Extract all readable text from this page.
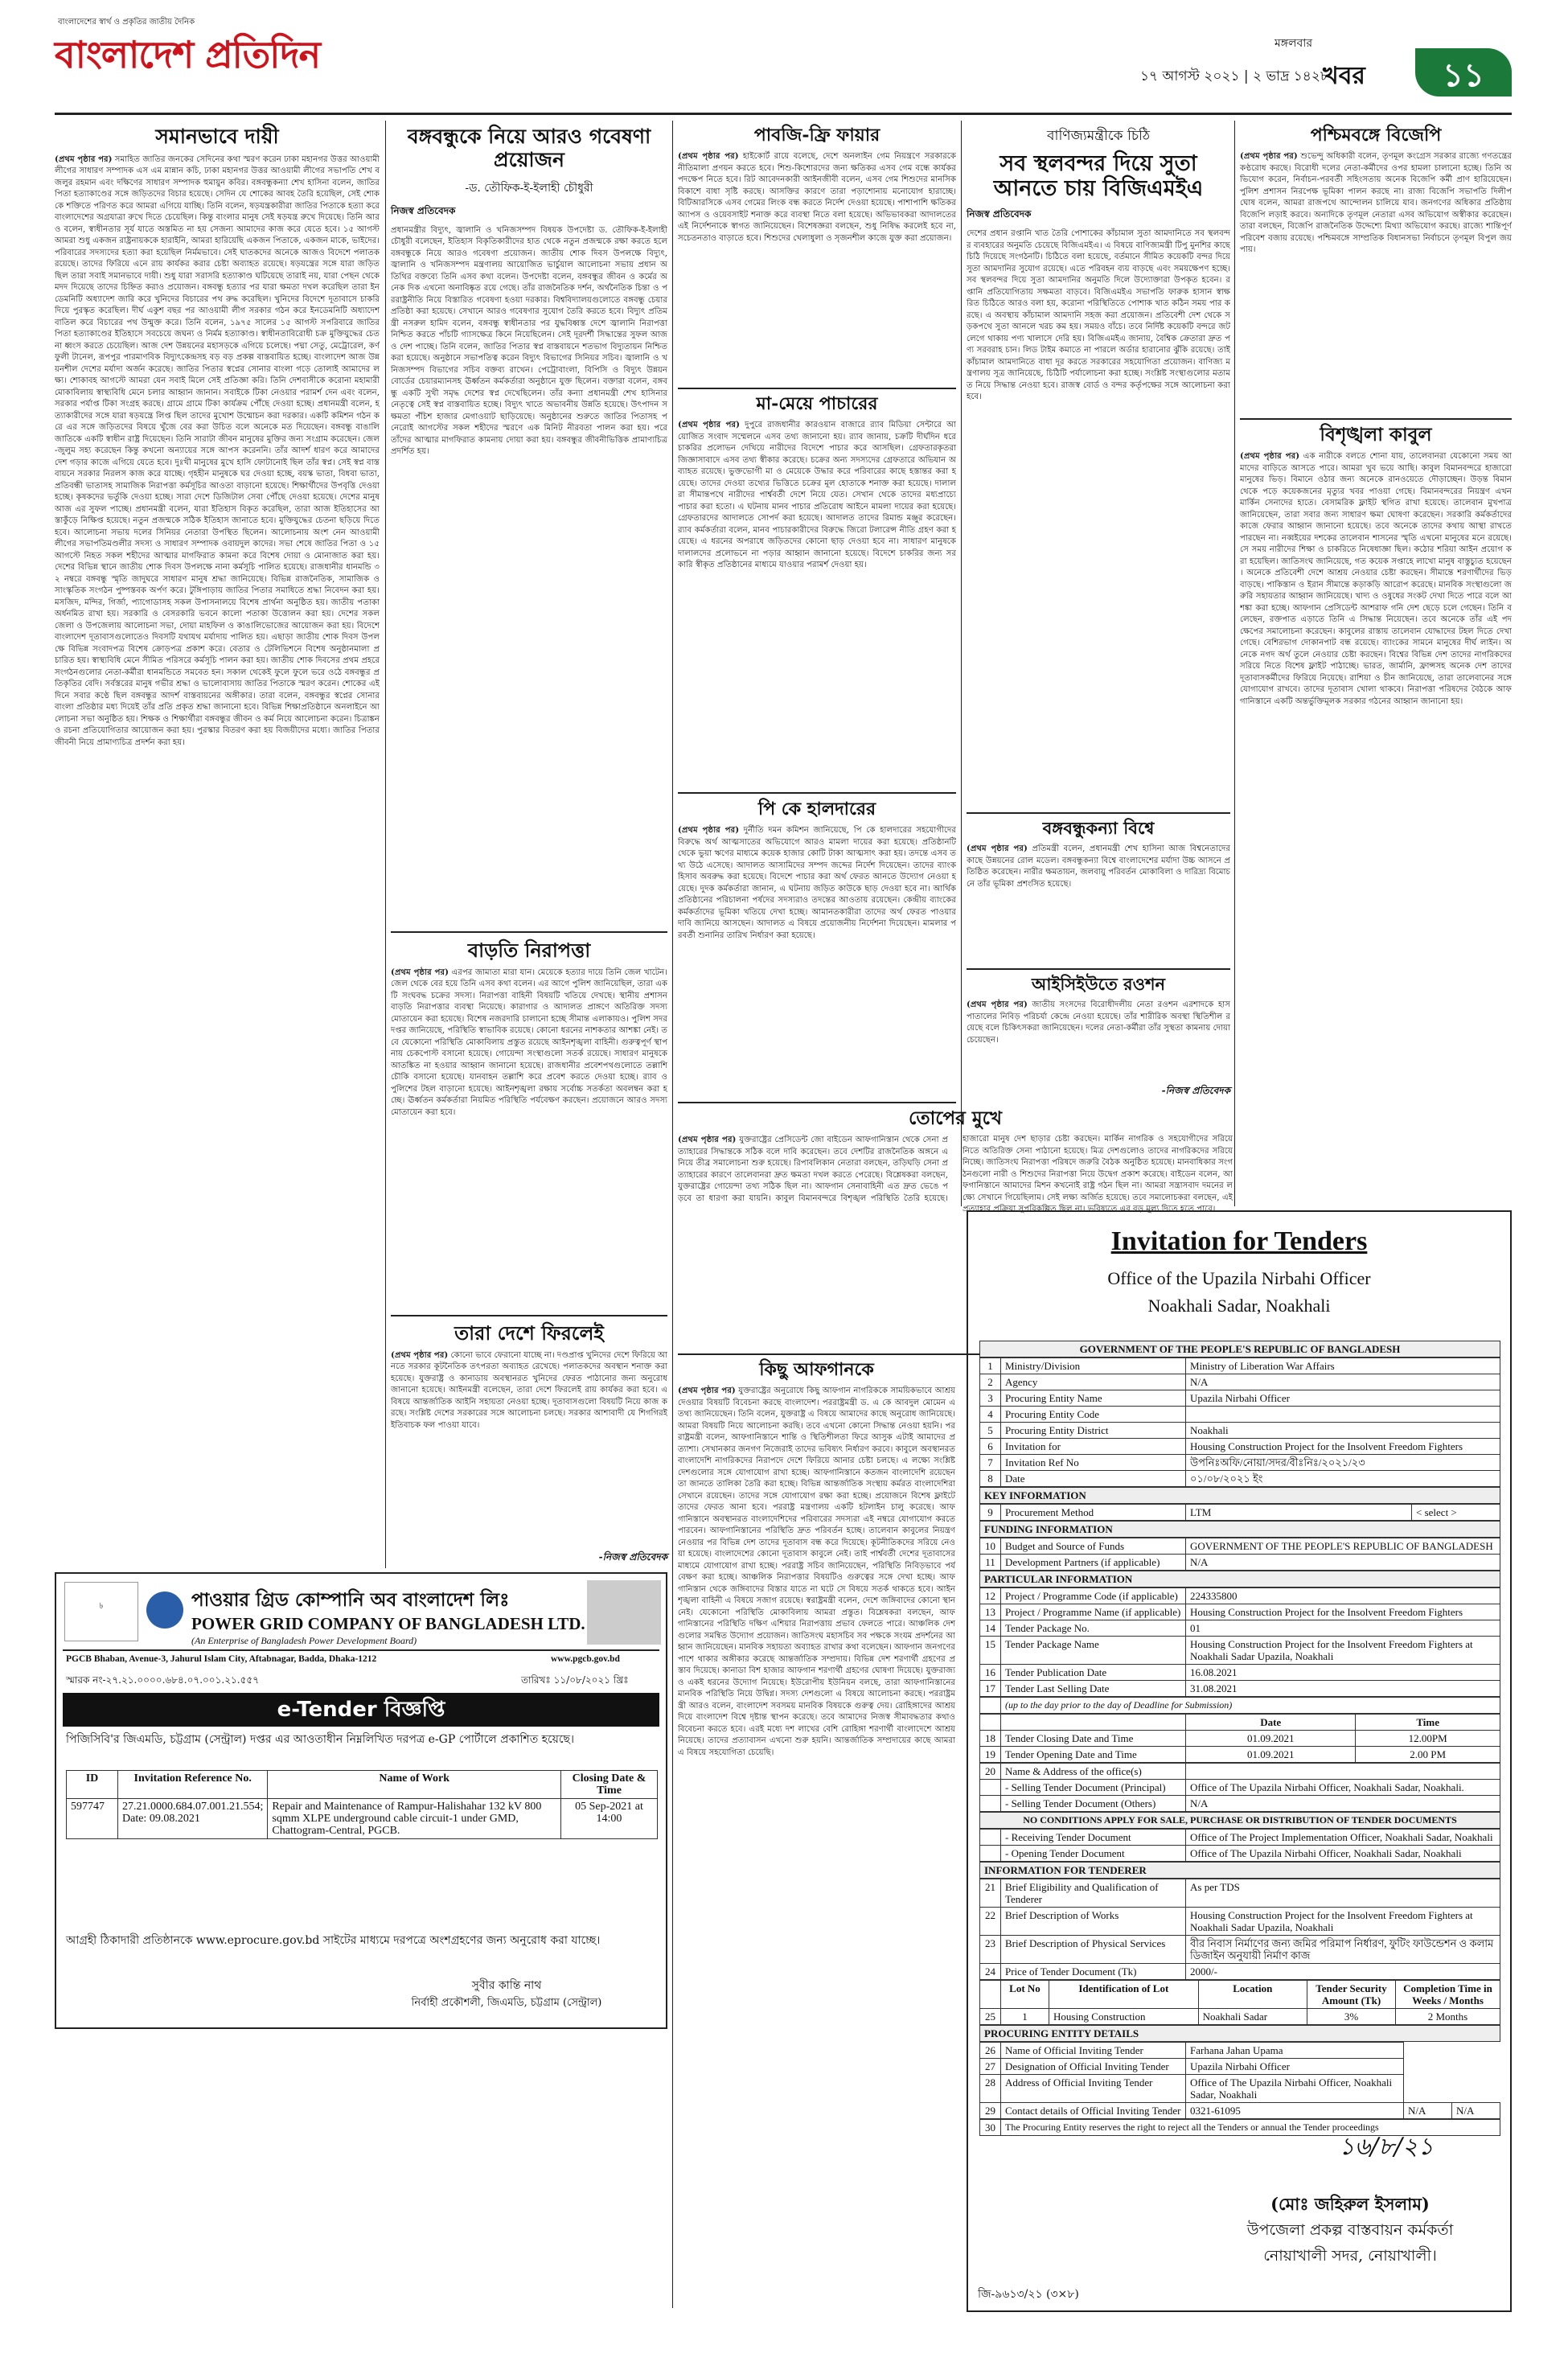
বাংলাদেশের স্বার্থ ও প্রকৃতির জাতীয় দৈনিক
বাংলাদেশ প্রতিদিন	মঙ্গলবার
১৭ আগস্ট ২০২১ | ২ ভাদ্র ১৪২৮
খবর	১১
সমানভাবে দায়ী
(প্রথম পৃষ্ঠার পর) সমাহিত জাতির জনকের সেদিনের কথা স্মরণ করেন ঢাকা মহানগর উত্তর আওয়ামী লীগের সাধারণ সম্পাদক এস এম মান্নান কচি, ঢাকা মহানগর উত্তর আওয়ামী লীগের সভাপতি শেখ বজলুর রহমান এবং দক্ষিণের সাধারণ সম্পাদক হুমায়ুন কবির। বঙ্গবন্ধুকন্যা শেখ হাসিনা বলেন, জাতির পিতা হত্যাকাণ্ডের সঙ্গে জড়িতদের বিচার হয়েছে। সেদিন যে শোকের আবহ তৈরি হয়েছিল, সেই শোককে শক্তিতে পরিণত করে আমরা এগিয়ে যাচ্ছি। তিনি বলেন, ষড়যন্ত্রকারীরা জাতির পিতাকে হত্যা করে বাংলাদেশের অগ্রযাত্রা রুখে দিতে চেয়েছিল। কিন্তু বাংলার মানুষ সেই ষড়যন্ত্র রুখে দিয়েছে। তিনি আরও বলেন, স্বাধীনতার সূর্য যাতে অস্তমিত না হয় সেজন্য আমাদের কাজ করে যেতে হবে। ১৫ আগস্ট আমরা শুধু একজন রাষ্ট্রনায়ককে হারাইনি, আমরা হারিয়েছি একজন পিতাকে, একজন মাকে, ভাইদের। পরিবারের সদস্যদের হত্যা করা হয়েছিল নির্মমভাবে। সেই ঘাতকদের অনেকে আজও বিদেশে পলাতক রয়েছে। তাদের ফিরিয়ে এনে রায় কার্যকর করার চেষ্টা অব্যাহত রয়েছে। ষড়যন্ত্রের সঙ্গে যারা জড়িত ছিল তারা সবাই সমানভাবে দায়ী। শুধু যারা সরাসরি হত্যাকাণ্ড ঘটিয়েছে তারাই নয়, যারা পেছন থেকে মদদ দিয়েছে তাদের চিহ্নিত করাও প্রয়োজন। বঙ্গবন্ধু হত্যার পর যারা ক্ষমতা দখল করেছিল তারা ইনডেমনিটি অধ্যাদেশ জারি করে খুনিদের বিচারের পথ রুদ্ধ করেছিল। খুনিদের বিদেশে দূতাবাসে চাকরি দিয়ে পুরস্কৃত করেছিল। দীর্ঘ একুশ বছর পর আওয়ামী লীগ সরকার গঠন করে ইনডেমনিটি অধ্যাদেশ বাতিল করে বিচারের পথ উন্মুক্ত করে। তিনি বলেন, ১৯৭৫ সালের ১৫ আগস্ট সপরিবারে জাতির পিতা হত্যাকাণ্ডের ইতিহাসে সবচেয়ে জঘন্য ও নির্মম হত্যাকাণ্ড। স্বাধীনতাবিরোধী চক্র মুক্তিযুদ্ধের চেতনা ধ্বংস করতে চেয়েছিল। আজ দেশ উন্নয়নের মহাসড়কে এগিয়ে চলেছে। পদ্মা সেতু, মেট্রোরেল, কর্ণফুলী টানেল, রূপপুর পারমাণবিক বিদ্যুৎকেন্দ্রসহ বড় বড় প্রকল্প বাস্তবায়িত হচ্ছে। বাংলাদেশ আজ উন্নয়নশীল দেশের মর্যাদা অর্জন করেছে। জাতির পিতার স্বপ্নের সোনার বাংলা গড়ে তোলাই আমাদের লক্ষ্য। শোকাবহ আগস্টে আমরা যেন সবাই মিলে সেই প্রতিজ্ঞা করি। তিনি দেশবাসীকে করোনা মহামারী মোকাবিলায় স্বাস্থ্যবিধি মেনে চলার আহ্বান জানান। সবাইকে টিকা নেওয়ার পরামর্শ দেন এবং বলেন, সরকার পর্যাপ্ত টিকা সংগ্রহ করছে। গ্রামে গ্রামে টিকা কার্যক্রম পৌঁছে দেওয়া হচ্ছে। প্রধানমন্ত্রী বলেন, হত্যাকারীদের সঙ্গে যারা ষড়যন্ত্রে লিপ্ত ছিল তাদের মুখোশ উন্মোচন করা দরকার। একটি কমিশন গঠন করে এর সঙ্গে জড়িতদের বিষয়ে খুঁজে বের করা উচিত বলে অনেকে মত দিয়েছেন। বঙ্গবন্ধু বাঙালি জাতিকে একটি স্বাধীন রাষ্ট্র দিয়েছেন। তিনি সারাটা জীবন মানুষের মুক্তির জন্য সংগ্রাম করেছেন। জেল-জুলুম সহ্য করেছেন কিন্তু কখনো অন্যায়ের সঙ্গে আপস করেননি। তাঁর আদর্শ ধারণ করে আমাদের দেশ গড়ার কাজে এগিয়ে যেতে হবে। দুঃখী মানুষের মুখে হাসি ফোটানোই ছিল তাঁর স্বপ্ন। সেই স্বপ্ন বাস্তবায়নে সরকার নিরলস কাজ করে যাচ্ছে। গৃহহীন মানুষকে ঘর দেওয়া হচ্ছে, বয়স্ক ভাতা, বিধবা ভাতা, প্রতিবন্ধী ভাতাসহ সামাজিক নিরাপত্তা কর্মসূচির আওতা বাড়ানো হয়েছে। শিক্ষার্থীদের উপবৃত্তি দেওয়া হচ্ছে। কৃষকদের ভর্তুকি দেওয়া হচ্ছে। সারা দেশে ডিজিটাল সেবা পৌঁছে দেওয়া হয়েছে। দেশের মানুষ আজ এর সুফল পাচ্ছে। প্রধানমন্ত্রী বলেন, যারা ইতিহাস বিকৃত করেছিল, তারা আজ ইতিহাসের আস্তাকুঁড়ে নিক্ষিপ্ত হয়েছে। নতুন প্রজন্মকে সঠিক ইতিহাস জানাতে হবে। মুক্তিযুদ্ধের চেতনা ছড়িয়ে দিতে হবে। আলোচনা সভায় দলের সিনিয়র নেতারা উপস্থিত ছিলেন। আলোচনায় অংশ নেন আওয়ামী লীগের সভাপতিমণ্ডলীর সদস্য ও সাধারণ সম্পাদক ওবায়দুল কাদের। সভা শেষে জাতির পিতা ও ১৫ আগস্টে নিহত সকল শহীদের আত্মার মাগফিরাত কামনা করে বিশেষ দোয়া ও মোনাজাত করা হয়। দেশের বিভিন্ন স্থানে জাতীয় শোক দিবস উপলক্ষে নানা কর্মসূচি পালিত হয়েছে। রাজধানীর ধানমন্ডি ৩২ নম্বরে বঙ্গবন্ধু স্মৃতি জাদুঘরে সাধারণ মানুষ শ্রদ্ধা জানিয়েছে। বিভিন্ন রাজনৈতিক, সামাজিক ও সাংস্কৃতিক সংগঠন পুষ্পস্তবক অর্পণ করে। টুঙ্গিপাড়ায় জাতির পিতার সমাধিতে শ্রদ্ধা নিবেদন করা হয়। মসজিদ, মন্দির, গির্জা, প্যাগোডাসহ সকল উপাসনালয়ে বিশেষ প্রার্থনা অনুষ্ঠিত হয়। জাতীয় পতাকা অর্ধনমিত রাখা হয়। সরকারি ও বেসরকারি ভবনে কালো পতাকা উত্তোলন করা হয়। দেশের সকল জেলা ও উপজেলায় আলোচনা সভা, দোয়া মাহফিল ও কাঙালিভোজের আয়োজন করা হয়। বিদেশে বাংলাদেশ দূতাবাসগুলোতেও দিবসটি যথাযথ মর্যাদায় পালিত হয়। এছাড়া জাতীয় শোক দিবস উপলক্ষে বিভিন্ন সংবাদপত্র বিশেষ ক্রোড়পত্র প্রকাশ করে। বেতার ও টেলিভিশনে বিশেষ অনুষ্ঠানমালা প্রচারিত হয়। স্বাস্থ্যবিধি মেনে সীমিত পরিসরে কর্মসূচি পালন করা হয়। জাতীয় শোক দিবসের প্রথম প্রহরে সংগঠনগুলোর নেতা-কর্মীরা ধানমন্ডিতে সমবেত হন। সকাল থেকেই ফুলে ফুলে ভরে ওঠে বঙ্গবন্ধুর প্রতিকৃতির বেদি। সর্বস্তরের মানুষ গভীর শ্রদ্ধা ও ভালোবাসায় জাতির পিতাকে স্মরণ করেন। শোকের এই দিনে সবার কণ্ঠে ছিল বঙ্গবন্ধুর আদর্শ বাস্তবায়নের অঙ্গীকার। তারা বলেন, বঙ্গবন্ধুর স্বপ্নের সোনার বাংলা প্রতিষ্ঠার মধ্য দিয়েই তাঁর প্রতি প্রকৃত শ্রদ্ধা জানানো হবে। বিভিন্ন শিক্ষাপ্রতিষ্ঠানে অনলাইনে আলোচনা সভা অনুষ্ঠিত হয়। শিক্ষক ও শিক্ষার্থীরা বঙ্গবন্ধুর জীবন ও কর্ম নিয়ে আলোচনা করেন। চিত্রাঙ্কন ও রচনা প্রতিযোগিতার আয়োজন করা হয়। পুরস্কার বিতরণ করা হয় বিজয়ীদের মধ্যে। জাতির পিতার জীবনী নিয়ে প্রামাণ্যচিত্র প্রদর্শন করা হয়।
৳	পাওয়ার গ্রিড কোম্পানি অব বাংলাদেশ লিঃ
POWER GRID COMPANY OF BANGLADESH LTD.
(An Enterprise of Bangladesh Power Development Board)
PGCB Bhaban, Avenue-3, Jahurul Islam City, Aftabnagar, Badda, Dhaka-1212	www.pgcb.gov.bd
স্মারক নং-২৭.২১.০০০০.৬৮৪.০৭.০০১.২১.৫৫৭	তারিখঃ ১১/০৮/২০২১ খ্রিঃ
e-Tender বিজ্ঞপ্তি
পিজিসিবি'র জিএমডি, চট্টগ্রাম (সেন্ট্রাল) দপ্তর এর আওতাধীন নিম্নলিখিত দরপত্র e-GP পোর্টালে প্রকাশিত হয়েছে।
ID	Invitation Reference No.	Name of Work	Closing Date & Time
597747	27.21.0000.684.07.001.21.554; Date: 09.08.2021	Repair and Maintenance of Rampur-Halishahar 132 kV 800 sqmm XLPE underground cable circuit-1 under GMD, Chattogram-Central, PGCB.	05 Sep-2021 at 14:00
আগ্রহী ঠিকাদারী প্রতিষ্ঠানকে www.eprocure.gov.bd সাইটের মাধ্যমে দরপত্রে অংশগ্রহণের জন্য অনুরোধ করা যাচ্ছে।
সুবীর কান্তি নাথ
নির্বাহী প্রকৌশলী, জিএমডি, চট্টগ্রাম (সেন্ট্রাল)
বঙ্গবন্ধুকে নিয়ে আরও গবেষণা প্রয়োজন
-ড. তৌফিক-ই-ইলাহী চৌধুরী
নিজস্ব প্রতিবেদক
প্রধানমন্ত্রীর বিদ্যুৎ, জ্বালানি ও খনিজসম্পদ বিষয়ক উপদেষ্টা ড. তৌফিক-ই-ইলাহী চৌধুরী বলেছেন, ইতিহাস বিকৃতিকারীদের হাত থেকে নতুন প্রজন্মকে রক্ষা করতে হলে বঙ্গবন্ধুকে নিয়ে আরও গবেষণা প্রয়োজন। জাতীয় শোক দিবস উপলক্ষে বিদ্যুৎ, জ্বালানি ও খনিজসম্পদ মন্ত্রণালয় আয়োজিত ভার্চুয়াল আলোচনা সভায় প্রধান অতিথির বক্তব্যে তিনি এসব কথা বলেন। উপদেষ্টা বলেন, বঙ্গবন্ধুর জীবন ও কর্মের অনেক দিক এখনো অনাবিষ্কৃত রয়ে গেছে। তাঁর রাজনৈতিক দর্শন, অর্থনৈতিক চিন্তা ও পররাষ্ট্রনীতি নিয়ে বিস্তারিত গবেষণা হওয়া দরকার। বিশ্ববিদ্যালয়গুলোতে বঙ্গবন্ধু চেয়ার প্রতিষ্ঠা করা হয়েছে। সেখানে আরও গবেষণার সুযোগ তৈরি করতে হবে। বিদ্যুৎ প্রতিমন্ত্রী নসরুল হামিদ বলেন, বঙ্গবন্ধু স্বাধীনতার পর যুদ্ধবিধ্বস্ত দেশে জ্বালানি নিরাপত্তা নিশ্চিত করতে পাঁচটি গ্যাসক্ষেত্র কিনে নিয়েছিলেন। সেই দূরদর্শী সিদ্ধান্তের সুফল আজও দেশ পাচ্ছে। তিনি বলেন, জাতির পিতার স্বপ্ন বাস্তবায়নে শতভাগ বিদ্যুতায়ন নিশ্চিত করা হয়েছে। অনুষ্ঠানে সভাপতিত্ব করেন বিদ্যুৎ বিভাগের সিনিয়র সচিব। জ্বালানি ও খনিজসম্পদ বিভাগের সচিব বক্তব্য রাখেন। পেট্রোবাংলা, বিপিসি ও বিদ্যুৎ উন্নয়ন বোর্ডের চেয়ারম্যানসহ ঊর্ধ্বতন কর্মকর্তারা অনুষ্ঠানে যুক্ত ছিলেন। বক্তারা বলেন, বঙ্গবন্ধু একটি সুখী সমৃদ্ধ দেশের স্বপ্ন দেখেছিলেন। তাঁর কন্যা প্রধানমন্ত্রী শেখ হাসিনার নেতৃত্বে সেই স্বপ্ন বাস্তবায়িত হচ্ছে। বিদ্যুৎ খাতে অভাবনীয় উন্নতি হয়েছে। উৎপাদন সক্ষমতা পঁচিশ হাজার মেগাওয়াট ছাড়িয়েছে। অনুষ্ঠানের শুরুতে জাতির পিতাসহ পনেরোই আগস্টের সকল শহীদের স্মরণে এক মিনিট নীরবতা পালন করা হয়। পরে তাঁদের আত্মার মাগফিরাত কামনায় দোয়া করা হয়। বঙ্গবন্ধুর জীবনীভিত্তিক প্রামাণ্যচিত্র প্রদর্শিত হয়।
বাড়তি নিরাপত্তা
(প্রথম পৃষ্ঠার পর) এরপর জামাতা মারা যান। মেয়েকে হত্যার দায়ে তিনি জেল খাটেন। জেল থেকে বের হয়ে তিনি এসব কথা বলেন। এর আগে পুলিশ জানিয়েছিল, তারা একটি সংঘবদ্ধ চক্রের সদস্য। নিরাপত্তা বাহিনী বিষয়টি খতিয়ে দেখছে। স্থানীয় প্রশাসন বাড়তি নিরাপত্তার ব্যবস্থা নিয়েছে। কারাগার ও আদালত প্রাঙ্গণে অতিরিক্ত সদস্য মোতায়েন করা হয়েছে। বিশেষ নজরদারি চালানো হচ্ছে সীমান্ত এলাকায়ও। পুলিশ সদর দপ্তর জানিয়েছে, পরিস্থিতি স্বাভাবিক রয়েছে। কোনো ধরনের নাশকতার আশঙ্কা নেই। তবে যেকোনো পরিস্থিতি মোকাবিলায় প্রস্তুত রয়েছে আইনশৃঙ্খলা বাহিনী। গুরুত্বপূর্ণ স্থাপনায় চেকপোস্ট বসানো হয়েছে। গোয়েন্দা সংস্থাগুলো সতর্ক রয়েছে। সাধারণ মানুষকে আতঙ্কিত না হওয়ার আহ্বান জানানো হয়েছে। রাজধানীর প্রবেশপথগুলোতে তল্লাশি চৌকি বসানো হয়েছে। যানবাহন তল্লাশি করে প্রবেশ করতে দেওয়া হচ্ছে। র‌্যাব ও পুলিশের টহল বাড়ানো হয়েছে। আইনশৃঙ্খলা রক্ষায় সর্বোচ্চ সতর্কতা অবলম্বন করা হচ্ছে। ঊর্ধ্বতন কর্মকর্তারা নিয়মিত পরিস্থিতি পর্যবেক্ষণ করছেন। প্রয়োজনে আরও সদস্য মোতায়েন করা হবে।
তারা দেশে ফিরলেই
(প্রথম পৃষ্ঠার পর) কোনো ভাবে ফেরানো যাচ্ছে না। দণ্ডপ্রাপ্ত খুনিদের দেশে ফিরিয়ে আনতে সরকার কূটনৈতিক তৎপরতা অব্যাহত রেখেছে। পলাতকদের অবস্থান শনাক্ত করা হয়েছে। যুক্তরাষ্ট্র ও কানাডায় অবস্থানরত খুনিদের ফেরত পাঠানোর জন্য অনুরোধ জানানো হয়েছে। আইনমন্ত্রী বলেছেন, তারা দেশে ফিরলেই রায় কার্যকর করা হবে। এ বিষয়ে আন্তর্জাতিক আইনি সহায়তা নেওয়া হচ্ছে। দূতাবাসগুলো বিষয়টি নিয়ে কাজ করছে। সংশ্লিষ্ট দেশের সরকারের সঙ্গে আলোচনা চলছে। সরকার আশাবাদী যে শিগগিরই ইতিবাচক ফল পাওয়া যাবে।
-নিজস্ব প্রতিবেদক
পাবজি-ফ্রি ফায়ার
(প্রথম পৃষ্ঠার পর) হাইকোর্ট রায়ে বলেছে, দেশে অনলাইন গেম নিয়ন্ত্রণে সরকারকে নীতিমালা প্রণয়ন করতে হবে। শিশু-কিশোরদের জন্য ক্ষতিকর এসব গেম বন্ধে কার্যকর পদক্ষেপ নিতে হবে। রিট আবেদনকারী আইনজীবী বলেন, এসব গেম শিশুদের মানসিক বিকাশে বাধা সৃষ্টি করছে। আসক্তির কারণে তারা পড়াশোনায় মনোযোগ হারাচ্ছে। বিটিআরসিকে এসব গেমের লিংক বন্ধ করতে নির্দেশ দেওয়া হয়েছে। পাশাপাশি ক্ষতিকর অ্যাপস ও ওয়েবসাইট শনাক্ত করে ব্যবস্থা নিতে বলা হয়েছে। অভিভাবকরা আদালতের এই নির্দেশনাকে স্বাগত জানিয়েছেন। বিশেষজ্ঞরা বলছেন, শুধু নিষিদ্ধ করলেই হবে না, সচেতনতাও বাড়াতে হবে। শিশুদের খেলাধুলা ও সৃজনশীল কাজে যুক্ত করা প্রয়োজন।
মা-মেয়ে পাচারের
(প্রথম পৃষ্ঠার পর) দুপুরে রাজধানীর কারওয়ান বাজারে র‌্যাব মিডিয়া সেন্টারে আয়োজিত সংবাদ সম্মেলনে এসব তথ্য জানানো হয়। র‌্যাব জানায়, চক্রটি দীর্ঘদিন ধরে চাকরির প্রলোভন দেখিয়ে নারীদের বিদেশে পাচার করে আসছিল। গ্রেফতারকৃতরা জিজ্ঞাসাবাদে এসব তথ্য স্বীকার করেছে। চক্রের অন্য সদস্যদের গ্রেফতারে অভিযান অব্যাহত রয়েছে। ভুক্তভোগী মা ও মেয়েকে উদ্ধার করে পরিবারের কাছে হস্তান্তর করা হয়েছে। তাদের দেওয়া তথ্যের ভিত্তিতে চক্রের মূল হোতাকে শনাক্ত করা হয়েছে। দালালরা সীমান্তপথে নারীদের পার্শ্ববর্তী দেশে নিয়ে যেত। সেখান থেকে তাদের মধ্যপ্রাচ্যে পাচার করা হতো। এ ঘটনায় মানব পাচার প্রতিরোধ আইনে মামলা দায়ের করা হয়েছে। গ্রেফতারদের আদালতে সোপর্দ করা হয়েছে। আদালত তাদের রিমান্ড মঞ্জুর করেছেন। র‌্যাব কর্মকর্তারা বলেন, মানব পাচারকারীদের বিরুদ্ধে জিরো টলারেন্স নীতি গ্রহণ করা হয়েছে। এ ধরনের অপরাধে জড়িতদের কোনো ছাড় দেওয়া হবে না। সাধারণ মানুষকে দালালদের প্রলোভনে না পড়ার আহ্বান জানানো হয়েছে। বিদেশে চাকরির জন্য সরকারি স্বীকৃত প্রতিষ্ঠানের মাধ্যমে যাওয়ার পরামর্শ দেওয়া হয়।
পি কে হালদারের
(প্রথম পৃষ্ঠার পর) দুর্নীতি দমন কমিশন জানিয়েছে, পি কে হালদারের সহযোগীদের বিরুদ্ধে অর্থ আত্মসাতের অভিযোগে আরও মামলা দায়ের করা হয়েছে। প্রতিষ্ঠানটি থেকে ভুয়া ঋণের মাধ্যমে কয়েক হাজার কোটি টাকা আত্মসাৎ করা হয়। তদন্তে এসব তথ্য উঠে এসেছে। আদালত আসামিদের সম্পদ জব্দের নির্দেশ দিয়েছেন। তাদের ব্যাংক হিসাব অবরুদ্ধ করা হয়েছে। বিদেশে পাচার করা অর্থ ফেরত আনতে উদ্যোগ নেওয়া হয়েছে। দুদক কর্মকর্তারা জানান, এ ঘটনায় জড়িত কাউকে ছাড় দেওয়া হবে না। আর্থিক প্রতিষ্ঠানের পরিচালনা পর্ষদের সদস্যরাও তদন্তের আওতায় রয়েছেন। কেন্দ্রীয় ব্যাংকের কর্মকর্তাদের ভূমিকা খতিয়ে দেখা হচ্ছে। আমানতকারীরা তাদের অর্থ ফেরত পাওয়ার দাবি জানিয়ে আসছেন। আদালত এ বিষয়ে প্রয়োজনীয় নির্দেশনা দিয়েছেন। মামলার পরবর্তী শুনানির তারিখ নির্ধারণ করা হয়েছে।
তোপের মুখে
(প্রথম পৃষ্ঠার পর) যুক্তরাষ্ট্রের প্রেসিডেন্ট জো বাইডেন আফগানিস্তান থেকে সেনা প্রত্যাহারের সিদ্ধান্তকে সঠিক বলে দাবি করেছেন। তবে দেশটির রাজনৈতিক অঙ্গনে এ নিয়ে তীব্র সমালোচনা শুরু হয়েছে। রিপাবলিকান নেতারা বলছেন, তড়িঘড়ি সেনা প্রত্যাহারের কারণে তালেবানরা দ্রুত ক্ষমতা দখল করতে পেরেছে। বিশ্লেষকরা বলছেন, যুক্তরাষ্ট্রের গোয়েন্দা তথ্য সঠিক ছিল না। আফগান সেনাবাহিনী এত দ্রুত ভেঙে পড়বে তা ধারণা করা যায়নি। কাবুল বিমানবন্দরে বিশৃঙ্খল পরিস্থিতি তৈরি হয়েছে। হাজারো মানুষ দেশ ছাড়ার চেষ্টা করছেন। মার্কিন নাগরিক ও সহযোগীদের সরিয়ে নিতে অতিরিক্ত সেনা পাঠানো হয়েছে। মিত্র দেশগুলোও তাদের নাগরিকদের সরিয়ে নিচ্ছে। জাতিসংঘ নিরাপত্তা পরিষদে জরুরি বৈঠক অনুষ্ঠিত হয়েছে। মানবাধিকার সংগঠনগুলো নারী ও শিশুদের নিরাপত্তা নিয়ে উদ্বেগ প্রকাশ করেছে। বাইডেন বলেন, আফগানিস্তানে আমাদের মিশন কখনোই রাষ্ট্র গঠন ছিল না। আমরা সন্ত্রাসবাদ দমনের লক্ষ্যে সেখানে গিয়েছিলাম। সেই লক্ষ্য অর্জিত হয়েছে। তবে সমালোচকরা বলছেন, এই প্রত্যাহার প্রক্রিয়া সুপরিকল্পিত ছিল না। ভবিষ্যতে এর বড় মূল্য দিতে হতে পারে।
কিছু আফগানকে
(প্রথম পৃষ্ঠার পর) যুক্তরাষ্ট্রের অনুরোধে কিছু আফগান নাগরিককে সাময়িকভাবে আশ্রয় দেওয়ার বিষয়টি বিবেচনা করছে বাংলাদেশ। পররাষ্ট্রমন্ত্রী ড. এ কে আবদুল মোমেন এ তথ্য জানিয়েছেন। তিনি বলেন, যুক্তরাষ্ট্র এ বিষয়ে আমাদের কাছে অনুরোধ জানিয়েছে। আমরা বিষয়টি নিয়ে আলোচনা করছি। তবে এখনো কোনো সিদ্ধান্ত নেওয়া হয়নি। পররাষ্ট্রমন্ত্রী বলেন, আফগানিস্তানে শান্তি ও স্থিতিশীলতা ফিরে আসুক এটাই আমাদের প্রত্যাশা। সেখানকার জনগণ নিজেরাই তাদের ভবিষ্যৎ নির্ধারণ করবে। কাবুলে অবস্থানরত বাংলাদেশি নাগরিকদের নিরাপদে দেশে ফিরিয়ে আনার চেষ্টা চলছে। এ লক্ষ্যে সংশ্লিষ্ট দেশগুলোর সঙ্গে যোগাযোগ রাখা হচ্ছে। আফগানিস্তানে কতজন বাংলাদেশি রয়েছেন তা জানতে তালিকা তৈরি করা হচ্ছে। বিভিন্ন আন্তর্জাতিক সংস্থায় কর্মরত বাংলাদেশিরা সেখানে রয়েছেন। তাদের সঙ্গে যোগাযোগ রক্ষা করা হচ্ছে। প্রয়োজনে বিশেষ ফ্লাইটে তাদের ফেরত আনা হবে। পররাষ্ট্র মন্ত্রণালয় একটি হটলাইন চালু করেছে। আফগানিস্তানে অবস্থানরত বাংলাদেশিদের পরিবারের সদস্যরা এই নম্বরে যোগাযোগ করতে পারবেন। আফগানিস্তানের পরিস্থিতি দ্রুত পরিবর্তন হচ্ছে। তালেবান কাবুলের নিয়ন্ত্রণ নেওয়ার পর বিভিন্ন দেশ তাদের দূতাবাস বন্ধ করে দিয়েছে। কূটনীতিকদের সরিয়ে নেওয়া হয়েছে। বাংলাদেশের কোনো দূতাবাস কাবুলে নেই। তাই পার্শ্ববর্তী দেশের দূতাবাসের মাধ্যমে যোগাযোগ রাখা হচ্ছে। পররাষ্ট্র সচিব জানিয়েছেন, পরিস্থিতি নিবিড়ভাবে পর্যবেক্ষণ করা হচ্ছে। আঞ্চলিক নিরাপত্তার বিষয়টিও গুরুত্বের সঙ্গে দেখা হচ্ছে। আফগানিস্তান থেকে জঙ্গিবাদের বিস্তার যাতে না ঘটে সে বিষয়ে সতর্ক থাকতে হবে। আইনশৃঙ্খলা বাহিনী এ বিষয়ে সজাগ রয়েছে। স্বরাষ্ট্রমন্ত্রী বলেন, দেশে জঙ্গিবাদের কোনো স্থান নেই। যেকোনো পরিস্থিতি মোকাবিলায় আমরা প্রস্তুত। বিশ্লেষকরা বলছেন, আফগানিস্তানের পরিস্থিতি দক্ষিণ এশিয়ার নিরাপত্তায় প্রভাব ফেলতে পারে। আঞ্চলিক দেশগুলোর সমন্বিত উদ্যোগ প্রয়োজন। জাতিসংঘ মহাসচিব সব পক্ষকে সংযম প্রদর্শনের আহ্বান জানিয়েছেন। মানবিক সহায়তা অব্যাহত রাখার কথা বলেছেন। আফগান জনগণের পাশে থাকার অঙ্গীকার করেছে আন্তর্জাতিক সম্প্রদায়। বিভিন্ন দেশ শরণার্থী গ্রহণের প্রস্তাব দিয়েছে। কানাডা বিশ হাজার আফগান শরণার্থী গ্রহণের ঘোষণা দিয়েছে। যুক্তরাজ্যও একই ধরনের উদ্যোগ নিয়েছে। ইউরোপীয় ইউনিয়ন বলছে, তারা আফগানিস্তানের মানবিক পরিস্থিতি নিয়ে উদ্বিগ্ন। সদস্য দেশগুলো এ বিষয়ে আলোচনা করছে। পররাষ্ট্রমন্ত্রী আরও বলেন, বাংলাদেশ সবসময় মানবিক বিষয়কে গুরুত্ব দেয়। রোহিঙ্গাদের আশ্রয় দিয়ে বাংলাদেশ বিশ্বে দৃষ্টান্ত স্থাপন করেছে। তবে আমাদের নিজস্ব সীমাবদ্ধতার কথাও বিবেচনা করতে হবে। এরই মধ্যে দশ লাখের বেশি রোহিঙ্গা শরণার্থী বাংলাদেশে আশ্রয় নিয়েছে। তাদের প্রত্যাবাসন এখনো শুরু হয়নি। আন্তর্জাতিক সম্প্রদায়ের কাছে আমরা এ বিষয়ে সহযোগিতা চেয়েছি।
বাণিজ্যমন্ত্রীকে চিঠি
সব স্থলবন্দর দিয়ে সুতা আনতে চায় বিজিএমইএ
নিজস্ব প্রতিবেদক
দেশের প্রধান রপ্তানি খাত তৈরি পোশাকের কাঁচামাল সুতা আমদানিতে সব স্থলবন্দর ব্যবহারের অনুমতি চেয়েছে বিজিএমইএ। এ বিষয়ে বাণিজ্যমন্ত্রী টিপু মুনশির কাছে চিঠি দিয়েছে সংগঠনটি। চিঠিতে বলা হয়েছে, বর্তমানে সীমিত কয়েকটি বন্দর দিয়ে সুতা আমদানির সুযোগ রয়েছে। এতে পরিবহন ব্যয় বাড়ছে এবং সময়ক্ষেপণ হচ্ছে। সব স্থলবন্দর দিয়ে সুতা আমদানির অনুমতি দিলে উদ্যোক্তারা উপকৃত হবেন। রপ্তানি প্রতিযোগিতায় সক্ষমতা বাড়বে। বিজিএমইএ সভাপতি ফারুক হাসান স্বাক্ষরিত চিঠিতে আরও বলা হয়, করোনা পরিস্থিতিতে পোশাক খাত কঠিন সময় পার করছে। এ অবস্থায় কাঁচামাল আমদানি সহজ করা প্রয়োজন। প্রতিবেশী দেশ থেকে সড়কপথে সুতা আনলে খরচ কম হয়। সময়ও বাঁচে। তবে নির্দিষ্ট কয়েকটি বন্দরে জট লেগে থাকায় পণ্য খালাসে দেরি হয়। বিজিএমইএ জানায়, বৈশ্বিক ক্রেতারা দ্রুত পণ্য সরবরাহ চান। লিড টাইম কমাতে না পারলে অর্ডার হারানোর ঝুঁকি রয়েছে। তাই কাঁচামাল আমদানিতে বাধা দূর করতে সরকারের সহযোগিতা প্রয়োজন। বাণিজ্য মন্ত্রণালয় সূত্র জানিয়েছে, চিঠিটি পর্যালোচনা করা হচ্ছে। সংশ্লিষ্ট সংস্থাগুলোর মতামত নিয়ে সিদ্ধান্ত নেওয়া হবে। রাজস্ব বোর্ড ও বন্দর কর্তৃপক্ষের সঙ্গে আলোচনা করা হবে।
বঙ্গবন্ধুকন্যা বিশ্বে
(প্রথম পৃষ্ঠার পর) প্রতিমন্ত্রী বলেন, প্রধানমন্ত্রী শেখ হাসিনা আজ বিশ্বনেতাদের কাছে উন্নয়নের রোল মডেল। বঙ্গবন্ধুকন্যা বিশ্বে বাংলাদেশের মর্যাদা উচ্চ আসনে প্রতিষ্ঠিত করেছেন। নারীর ক্ষমতায়ন, জলবায়ু পরিবর্তন মোকাবিলা ও দারিদ্র্য বিমোচনে তাঁর ভূমিকা প্রশংসিত হয়েছে।
আইসিইউতে রওশন
(প্রথম পৃষ্ঠার পর) জাতীয় সংসদের বিরোধীদলীয় নেতা রওশন এরশাদকে হাসপাতালের নিবিড় পরিচর্যা কেন্দ্রে নেওয়া হয়েছে। তাঁর শারীরিক অবস্থা স্থিতিশীল রয়েছে বলে চিকিৎসকরা জানিয়েছেন। দলের নেতা-কর্মীরা তাঁর সুস্থতা কামনায় দোয়া চেয়েছেন।
-নিজস্ব প্রতিবেদক
পশ্চিমবঙ্গে বিজেপি
(প্রথম পৃষ্ঠার পর) শুভেন্দু অধিকারী বলেন, তৃণমূল কংগ্রেস সরকার রাজ্যে গণতন্ত্রের কণ্ঠরোধ করছে। বিরোধী দলের নেতা-কর্মীদের ওপর হামলা চালানো হচ্ছে। তিনি অভিযোগ করেন, নির্বাচন-পরবর্তী সহিংসতায় অনেক বিজেপি কর্মী প্রাণ হারিয়েছেন। পুলিশ প্রশাসন নিরপেক্ষ ভূমিকা পালন করছে না। রাজ্য বিজেপি সভাপতি দিলীপ ঘোষ বলেন, আমরা রাজপথে আন্দোলন চালিয়ে যাব। জনগণের অধিকার প্রতিষ্ঠায় বিজেপি লড়াই করবে। অন্যদিকে তৃণমূল নেতারা এসব অভিযোগ অস্বীকার করেছেন। তারা বলছেন, বিজেপি রাজনৈতিক উদ্দেশ্যে মিথ্যা অভিযোগ করছে। রাজ্যে শান্তিপূর্ণ পরিবেশ বজায় রয়েছে। পশ্চিমবঙ্গে সাম্প্রতিক বিধানসভা নির্বাচনে তৃণমূল বিপুল জয় পায়।
বিশৃঙ্খলা কাবুল
(প্রথম পৃষ্ঠার পর) এক নারীকে বলতে শোনা যায়, তালেবানরা যেকোনো সময় আমাদের বাড়িতে আসতে পারে। আমরা খুব ভয়ে আছি। কাবুল বিমানবন্দরে হাজারো মানুষের ভিড়। বিমানে ওঠার জন্য অনেকে রানওয়েতে দৌড়াচ্ছেন। উড়ন্ত বিমান থেকে পড়ে কয়েকজনের মৃত্যুর খবর পাওয়া গেছে। বিমানবন্দরের নিয়ন্ত্রণ এখন মার্কিন সেনাদের হাতে। বেসামরিক ফ্লাইট স্থগিত রাখা হয়েছে। তালেবান মুখপাত্র জানিয়েছেন, তারা সবার জন্য সাধারণ ক্ষমা ঘোষণা করেছেন। সরকারি কর্মকর্তাদের কাজে ফেরার আহ্বান জানানো হয়েছে। তবে অনেকে তাদের কথায় আস্থা রাখতে পারছেন না। নব্বইয়ের দশকের তালেবান শাসনের স্মৃতি এখনো মানুষের মনে রয়েছে। সে সময় নারীদের শিক্ষা ও চাকরিতে নিষেধাজ্ঞা ছিল। কঠোর শরিয়া আইন প্রয়োগ করা হয়েছিল। জাতিসংঘ জানিয়েছে, গত কয়েক সপ্তাহে লাখো মানুষ বাস্তুচ্যুত হয়েছেন। অনেকে প্রতিবেশী দেশে আশ্রয় নেওয়ার চেষ্টা করছেন। সীমান্তে শরণার্থীদের ভিড় বাড়ছে। পাকিস্তান ও ইরান সীমান্তে কড়াকড়ি আরোপ করেছে। মানবিক সংস্থাগুলো জরুরি সহায়তার আহ্বান জানিয়েছে। খাদ্য ও ওষুধের সংকট দেখা দিতে পারে বলে আশঙ্কা করা হচ্ছে। আফগান প্রেসিডেন্ট আশরাফ গনি দেশ ছেড়ে চলে গেছেন। তিনি বলেছেন, রক্তপাত এড়াতে তিনি এ সিদ্ধান্ত নিয়েছেন। তবে অনেকে তাঁর এই পদক্ষেপের সমালোচনা করেছেন। কাবুলের রাস্তায় তালেবান যোদ্ধাদের টহল দিতে দেখা গেছে। বেশিরভাগ দোকানপাট বন্ধ রয়েছে। ব্যাংকের সামনে মানুষের দীর্ঘ লাইন। অনেকে নগদ অর্থ তুলে নেওয়ার চেষ্টা করছেন। বিশ্বের বিভিন্ন দেশ তাদের নাগরিকদের সরিয়ে নিতে বিশেষ ফ্লাইট পাঠাচ্ছে। ভারত, জার্মানি, ফ্রান্সসহ অনেক দেশ তাদের দূতাবাসকর্মীদের ফিরিয়ে নিয়েছে। রাশিয়া ও চীন জানিয়েছে, তারা তালেবানের সঙ্গে যোগাযোগ রাখবে। তাদের দূতাবাস খোলা থাকবে। নিরাপত্তা পরিষদের বৈঠকে আফগানিস্তানে একটি অন্তর্ভুক্তিমূলক সরকার গঠনের আহ্বান জানানো হয়।
Invitation for Tenders
Office of the Upazila Nirbahi Officer
Noakhali Sadar, Noakhali
GOVERNMENT OF THE PEOPLE'S REPUBLIC OF BANGLADESH
1	Ministry/Division	Ministry of Liberation War Affairs
2	Agency	N/A
3	Procuring Entity Name	Upazila Nirbahi Officer
4	Procuring Entity Code	
5	Procuring Entity District	Noakhali
6	Invitation for	Housing Construction Project for the Insolvent Freedom Fighters
7	Invitation Ref No	উপনিঃঅফি/নোয়া/সদর/বীঃনিঃ/২০২১/২৩
8	Date	০১/০৮/২০২১ ইং
KEY INFORMATION
9	Procurement Method	LTM	< select >
FUNDING INFORMATION
10	Budget and Source of Funds	GOVERNMENT OF THE PEOPLE'S REPUBLIC OF BANGLADESH
11	Development Partners (if applicable)	N/A
PARTICULAR INFORMATION
12	Project / Programme Code (if applicable)	224335800
13	Project / Programme Name (if applicable)	Housing Construction Project for the Insolvent Freedom Fighters
14	Tender Package No.	01
15	Tender Package Name	Housing Construction Project for the Insolvent Freedom Fighters at Noakhali Sadar Upazila, Noakhali
16	Tender Publication Date	16.08.2021
17	Tender Last Selling Date	31.08.2021
	(up to the day prior to the day of Deadline for Submission)
		Date	Time
18	Tender Closing Date and Time	01.09.2021	12.00PM
19	Tender Opening Date and Time	01.09.2021	2.00 PM
20	Name & Address of the office(s)	
	- Selling Tender Document (Principal)	Office of The Upazila Nirbahi Officer, Noakhali Sadar, Noakhali.
	- Selling Tender Document (Others)	N/A
NO CONDITIONS APPLY FOR SALE, PURCHASE OR DISTRIBUTION OF TENDER DOCUMENTS
	- Receiving Tender Document	Office of The Project Implementation Officer, Noakhali Sadar, Noakhali
	- Opening Tender Document	Office of The Upazila Nirbahi Officer, Noakhali Sadar, Noakhali
INFORMATION FOR TENDERER
21	Brief Eligibility and Qualification of Tenderer	As per TDS
22	Brief Description of Works	Housing Construction Project for the Insolvent Freedom Fighters at Noakhali Sadar Upazila, Noakhali
23	Brief Description of Physical Services	বীর নিবাস নির্মাণের জন্য জমির পরিমাপ নির্ধারণ, ফুটিং ফাউন্ডেশন ও কলাম ডিজাইন অনুযায়ী নির্মাণ কাজ
24	Price of Tender Document (Tk)	2000/-
	Lot No	Identification of Lot	Location	Tender Security Amount (Tk)	Completion Time in Weeks / Months
25	1	Housing Construction	Noakhali Sadar	3%	2 Months
PROCURING ENTITY DETAILS
26	Name of Official Inviting Tender	Farhana Jahan Upama		
27	Designation of Official Inviting Tender	Upazila Nirbahi Officer		
28	Address of Official Inviting Tender	Office of The Upazila Nirbahi Officer, Noakhali Sadar, Noakhali		
29	Contact details of Official Inviting Tender	0321-61095	N/A	N/A
30	The Procuring Entity reserves the right to reject all the Tenders or annual the Tender proceedings
১৬/৮/২১
(মোঃ জহিরুল ইসলাম)
উপজেলা প্রকল্প বাস্তবায়ন কর্মকর্তা
নোয়াখালী সদর, নোয়াখালী।
জি-৯৬১৩/২১ (৩×৮)
